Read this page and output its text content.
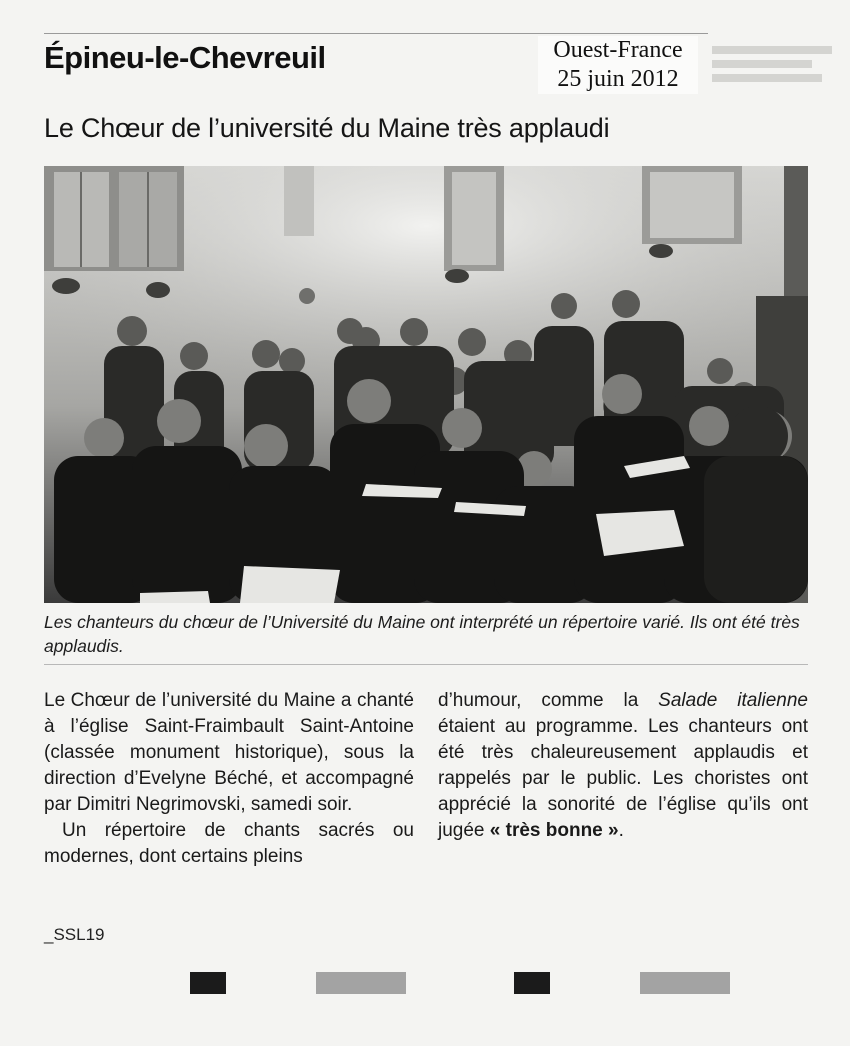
Épineu-le-Chevreuil	Ouest-France
25 juin 2012
Le Chœur de l’université du Maine très applaudi
Les chanteurs du chœur de l’Université du Maine ont interprété un répertoire varié. Ils ont été très applaudis.

Le Chœur de l’université du Maine a chanté à l’église Saint-Fraimbault Saint-Antoine (classée monument historique), sous la direction d’Evelyne Béché, et accompagné par Dimitri Negrimovski, samedi soir.

Un répertoire de chants sacrés ou modernes, dont certains pleins

d’humour, comme la Salade italienne étaient au programme. Les chanteurs ont été très chaleureusement applaudis et rappelés par le public. Les choristes ont apprécié la sonorité de l’église qu’ils ont jugée « très bonne ».

_SSL19
